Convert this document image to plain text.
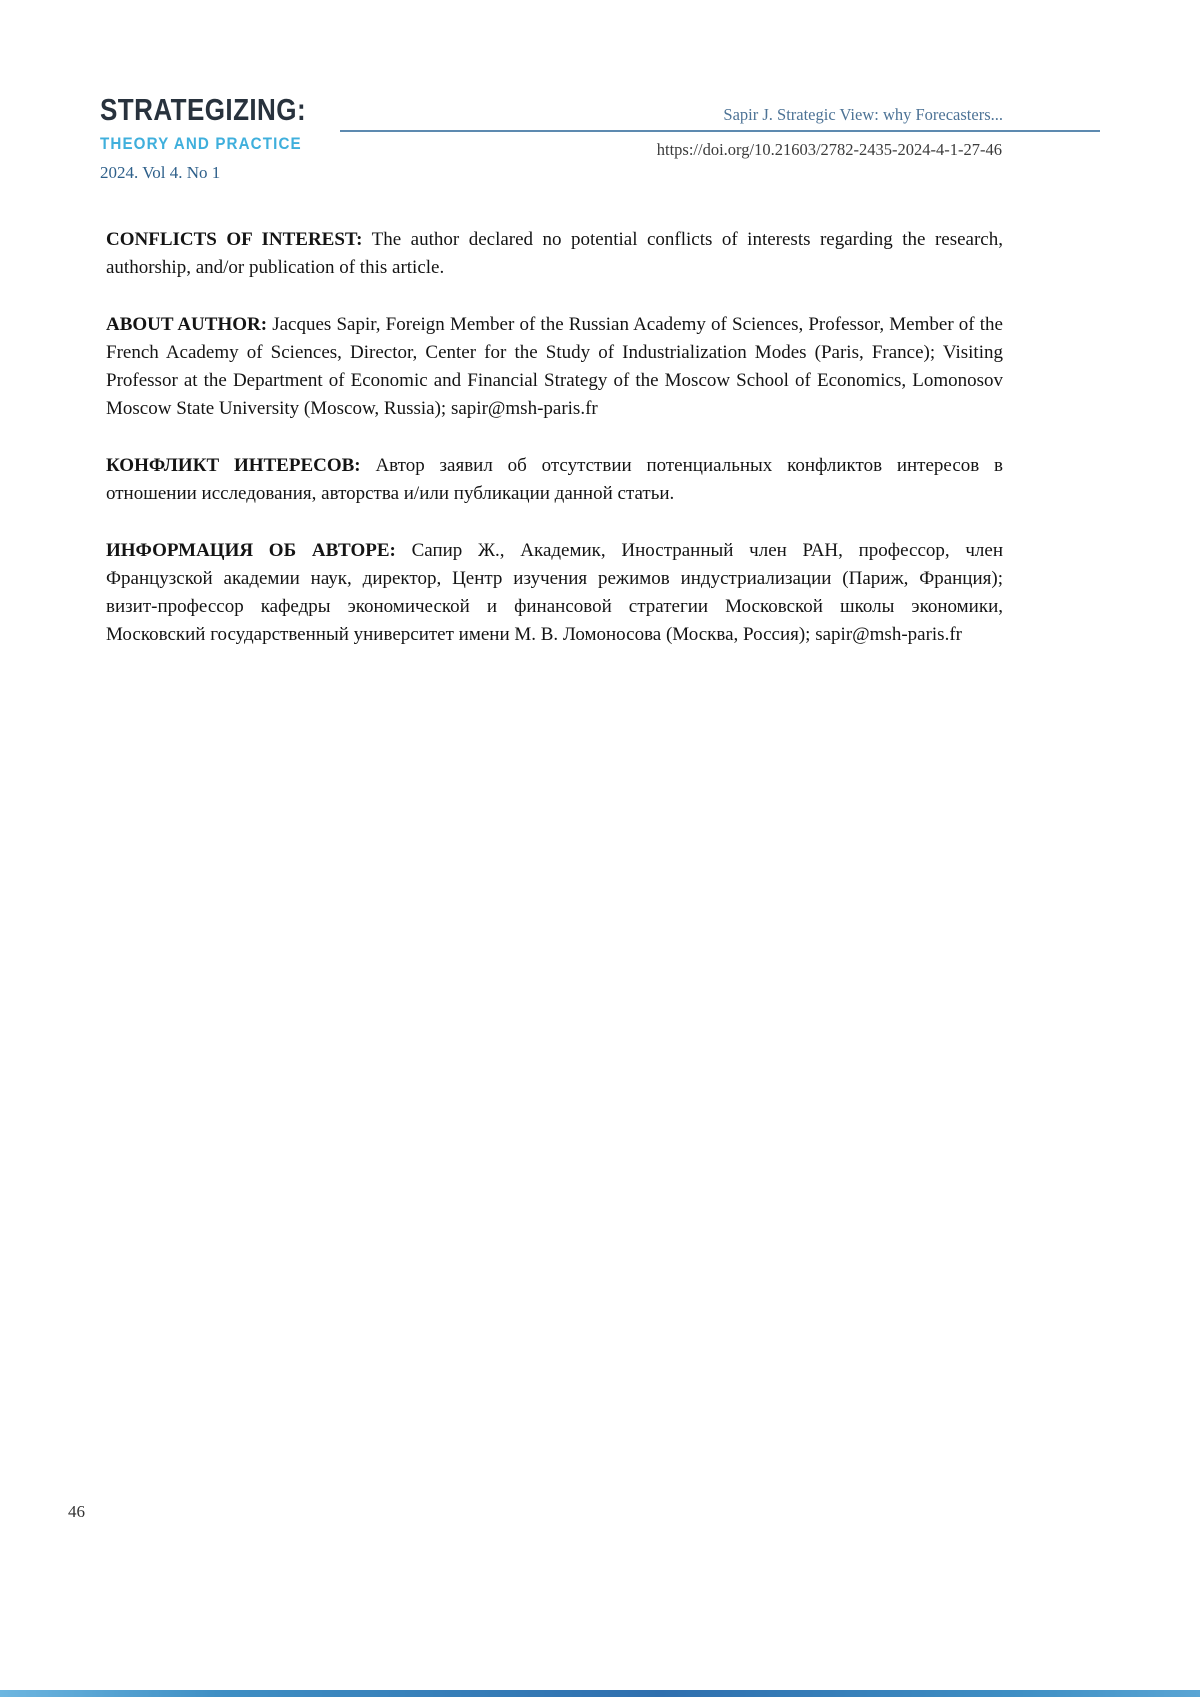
STRATEGIZING:
THEORY AND PRACTICE
2024. Vol 4. No 1
Sapir J. Strategic View: why Forecasters...
https://doi.org/10.21603/2782-2435-2024-4-1-27-46

CONFLICTS OF INTEREST: The author declared no potential conflicts of interests regarding the research, authorship, and/or publication of this article.

ABOUT AUTHOR: Jacques Sapir, Foreign Member of the Russian Academy of Sciences, Professor, Member of the French Academy of Sciences, Director, Center for the Study of Industrialization Modes (Paris, France); Visiting Professor at the Department of Economic and Financial Strategy of the Moscow School of Economics, Lomonosov Moscow State University (Moscow, Russia); sapir@msh-paris.fr

КОНФЛИКТ ИНТЕРЕСОВ: Автор заявил об отсутствии потенциальных конфликтов интересов в отношении исследования, авторства и/или публикации данной статьи.

ИНФОРМАЦИЯ ОБ АВТОРЕ: Сапир Ж., Академик, Иностранный член РАН, профессор, член Французской академии наук, директор, Центр изучения режимов индустриализации (Париж, Франция); визит-профессор кафедры экономической и финансовой стратегии Московской школы экономики, Московский государственный университет имени М. В. Ломоносова (Москва, Россия); sapir@msh-paris.fr

46
